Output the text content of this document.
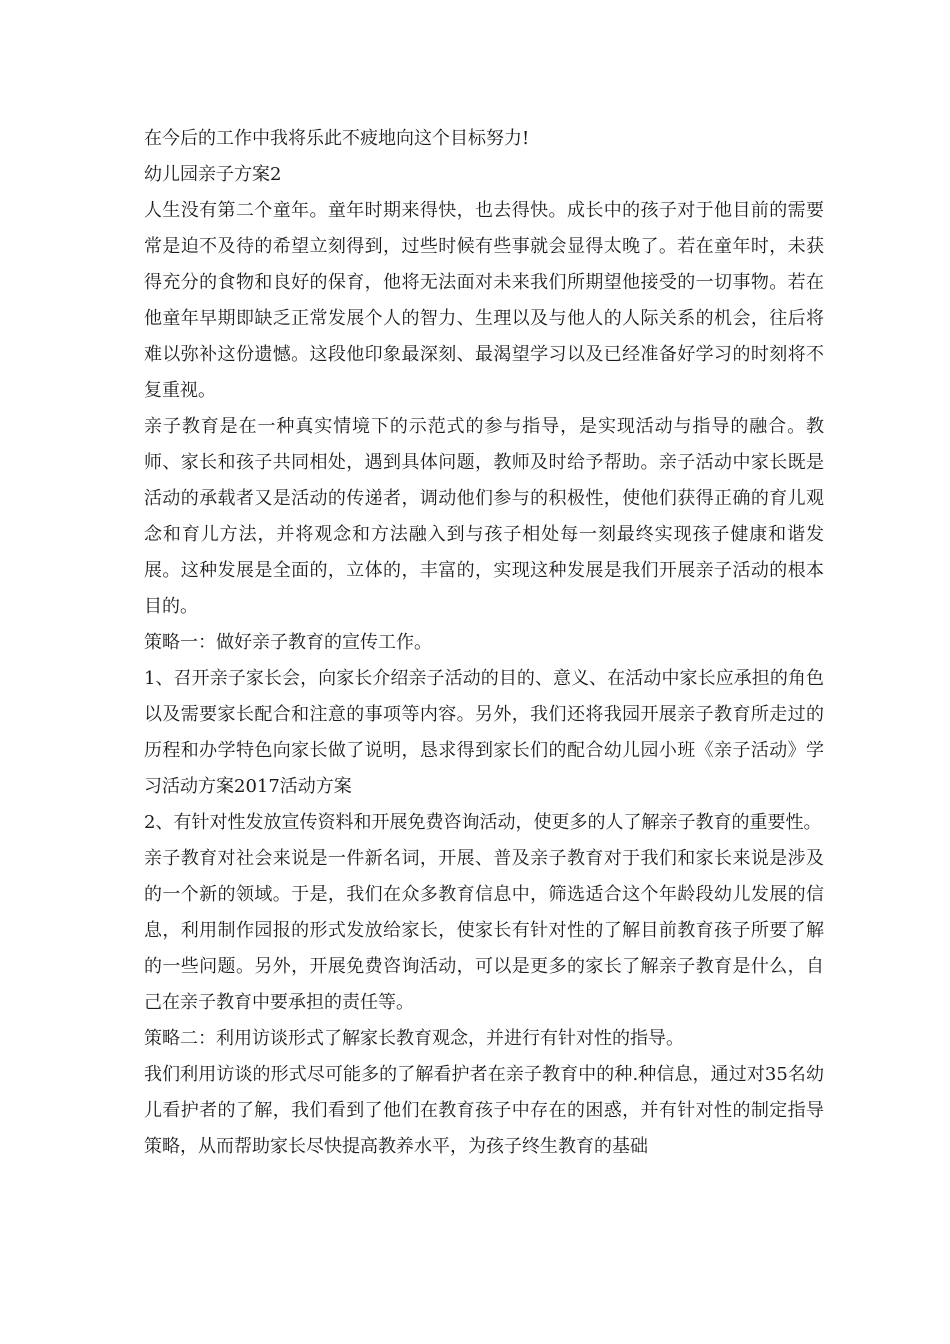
在今后的工作中我将乐此不疲地向这个目标努力!

幼儿园亲子方案2

人生没有第二个童年。童年时期来得快，也去得快。成长中的孩子对于他目前的需要常是迫不及待的希望立刻得到，过些时候有些事就会显得太晚了。若在童年时，未获得充分的食物和良好的保育，他将无法面对未来我们所期望他接受的一切事物。若在他童年早期即缺乏正常发展个人的智力、生理以及与他人的人际关系的机会，往后将难以弥补这份遗憾。这段他印象最深刻、最渴望学习以及已经准备好学习的时刻将不复重视。

亲子教育是在一种真实情境下的示范式的参与指导，是实现活动与指导的融合。教师、家长和孩子共同相处，遇到具体问题，教师及时给予帮助。亲子活动中家长既是活动的承载者又是活动的传递者，调动他们参与的积极性，使他们获得正确的育儿观念和育儿方法，并将观念和方法融入到与孩子相处每一刻最终实现孩子健康和谐发展。这种发展是全面的，立体的，丰富的，实现这种发展是我们开展亲子活动的根本目的。

策略一：做好亲子教育的宣传工作。

1、召开亲子家长会，向家长介绍亲子活动的目的、意义、在活动中家长应承担的角色以及需要家长配合和注意的事项等内容。另外，我们还将我园开展亲子教育所走过的历程和办学特色向家长做了说明，恳求得到家长们的配合幼儿园小班《亲子活动》学习活动方案2017活动方案

2、有针对性发放宣传资料和开展免费咨询活动，使更多的人了解亲子教育的重要性。

亲子教育对社会来说是一件新名词，开展、普及亲子教育对于我们和家长来说是涉及的一个新的领域。于是，我们在众多教育信息中，筛选适合这个年龄段幼儿发展的信息，利用制作园报的形式发放给家长，使家长有针对性的了解目前教育孩子所要了解的一些问题。另外，开展免费咨询活动，可以是更多的家长了解亲子教育是什么，自己在亲子教育中要承担的责任等。

策略二：利用访谈形式了解家长教育观念，并进行有针对性的指导。

我们利用访谈的形式尽可能多的了解看护者在亲子教育中的种.种信息，通过对35名幼儿看护者的了解，我们看到了他们在教育孩子中存在的困惑，并有针对性的制定指导策略，从而帮助家长尽快提高教养水平，为孩子终生教育的基础
